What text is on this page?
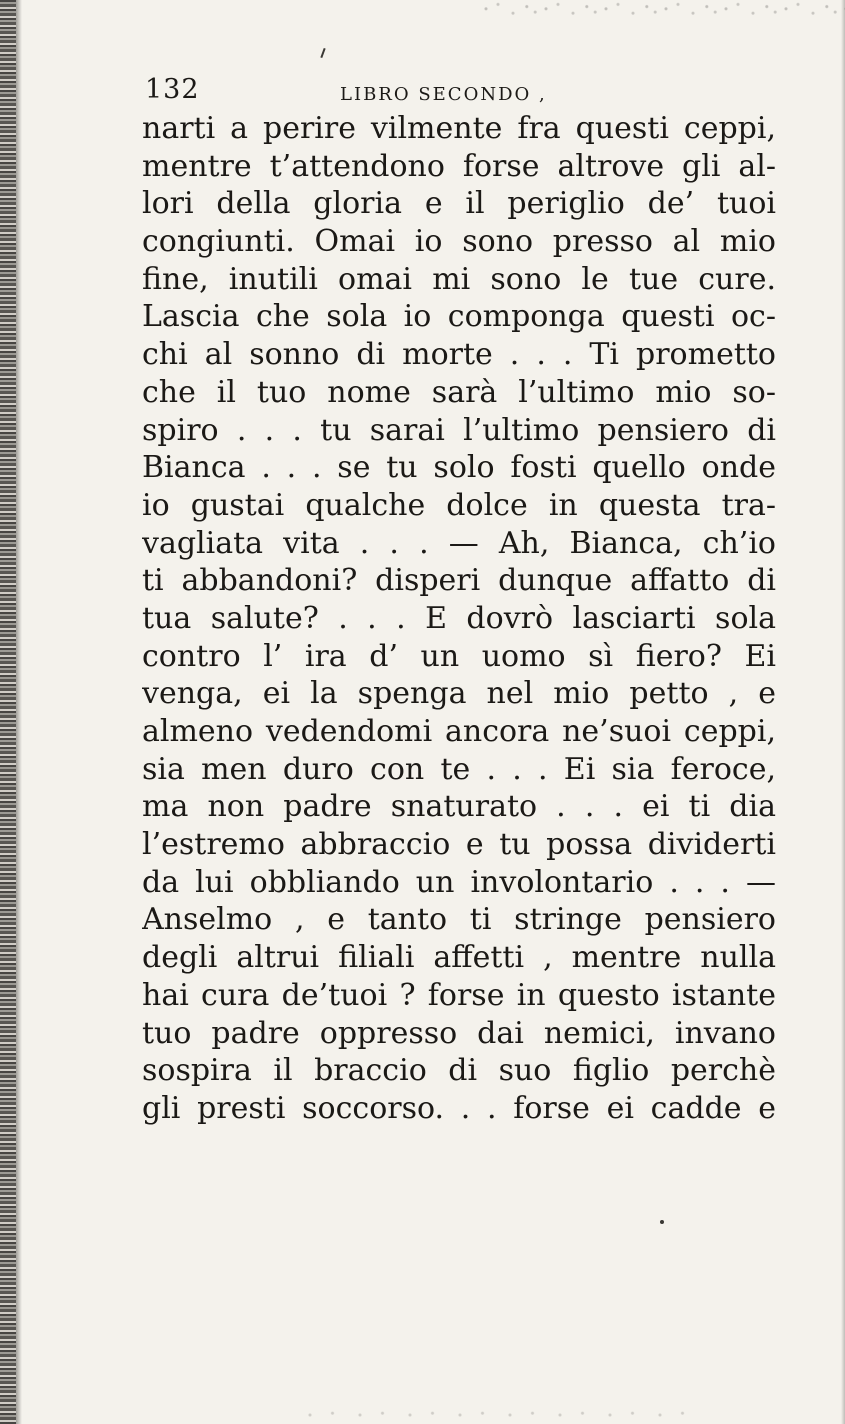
132	LIBRO SECONDO ,
narti a perire vilmente fra questi ceppi,
mentre t’attendono forse altrove gli al-
lori della gloria e il periglio de’ tuoi
congiunti. Omai io sono presso al mio
fine, inutili omai mi sono le tue cure.
Lascia che sola io componga questi oc-
chi al sonno di morte . . . Ti prometto
che il tuo nome sarà l’ultimo mio so-
spiro . . . tu sarai l’ultimo pensiero di
Bianca . . . se tu solo fosti quello onde
io gustai qualche dolce in questa tra-
vagliata vita . . . — Ah, Bianca, ch’io
ti abbandoni? disperi dunque affatto di
tua salute? . . . E dovrò lasciarti sola
contro l’ ira d’ un uomo sì fiero? Ei
venga, ei la spenga nel mio petto , e
almeno vedendomi ancora ne’suoi ceppi,
sia men duro con te . . . Ei sia feroce,
ma non padre snaturato . . . ei ti dia
l’estremo abbraccio e tu possa dividerti
da lui obbliando un involontario . . . —
Anselmo , e tanto ti stringe pensiero
degli altrui filiali affetti , mentre nulla
hai cura de’tuoi ? forse in questo istante
tuo padre oppresso dai nemici, invano
sospira il braccio di suo figlio perchè
gli presti soccorso. . . forse ei cadde e
